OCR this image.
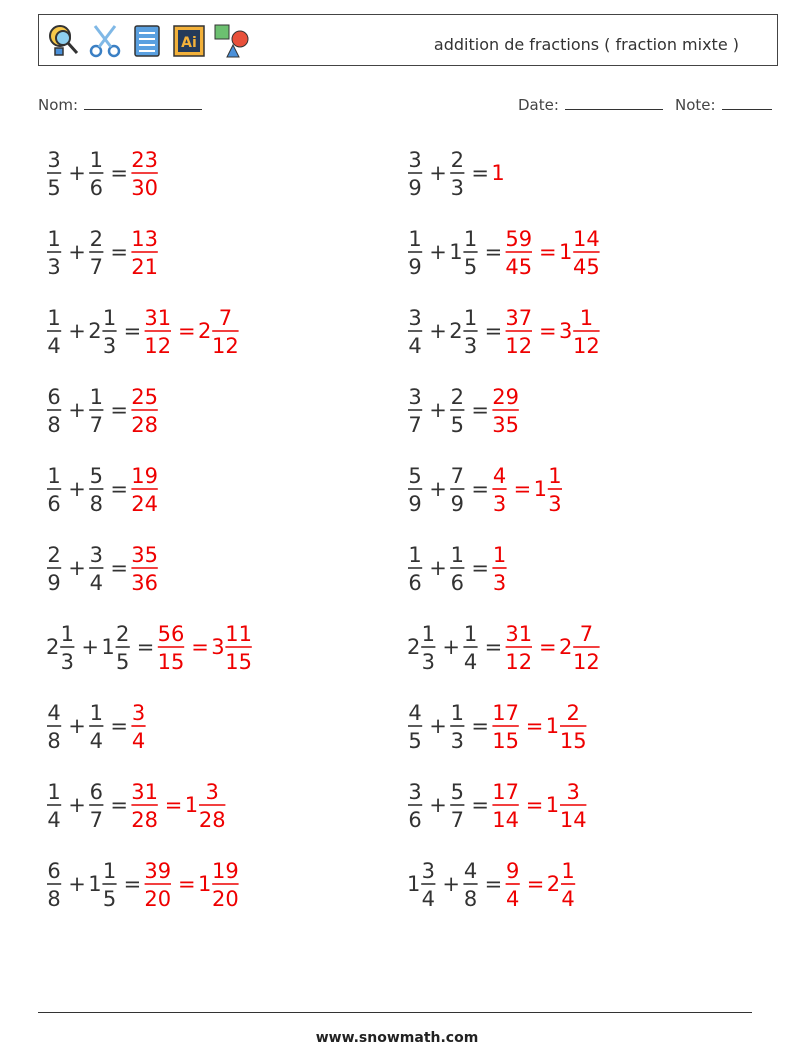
Ai	addition de fractions ( fraction mixte )
Nom:	Date:	Note:
3
5
+
1
6
=
23
30
3
9
+
2
3
= 1
1
3
+
2
7
=
13
21
1
9
+ 1
1
5
=
59
45
= 1
14
45
1
4
+ 2
1
3
=
31
12
= 2
7
12
3
4
+ 2
1
3
=
37
12
= 3
1
12
6
8
+
1
7
=
25
28
3
7
+
2
5
=
29
35
1
6
+
5
8
=
19
24
5
9
+
7
9
=
4
3
= 1
1
3
2
9
+
3
4
=
35
36
1
6
+
1
6
=
1
3
2
1
3
+ 1
2
5
=
56
15
= 3
11
15
2
1
3
+
1
4
=
31
12
= 2
7
12
4
8
+
1
4
=
3
4
4
5
+
1
3
=
17
15
= 1
2
15
1
4
+
6
7
=
31
28
= 1
3
28
3
6
+
5
7
=
17
14
= 1
3
14
6
8
+ 1
1
5
=
39
20
= 1
19
20
1
3
4
+
4
8
=
9
4
= 2
1
4
www.snowmath.com
